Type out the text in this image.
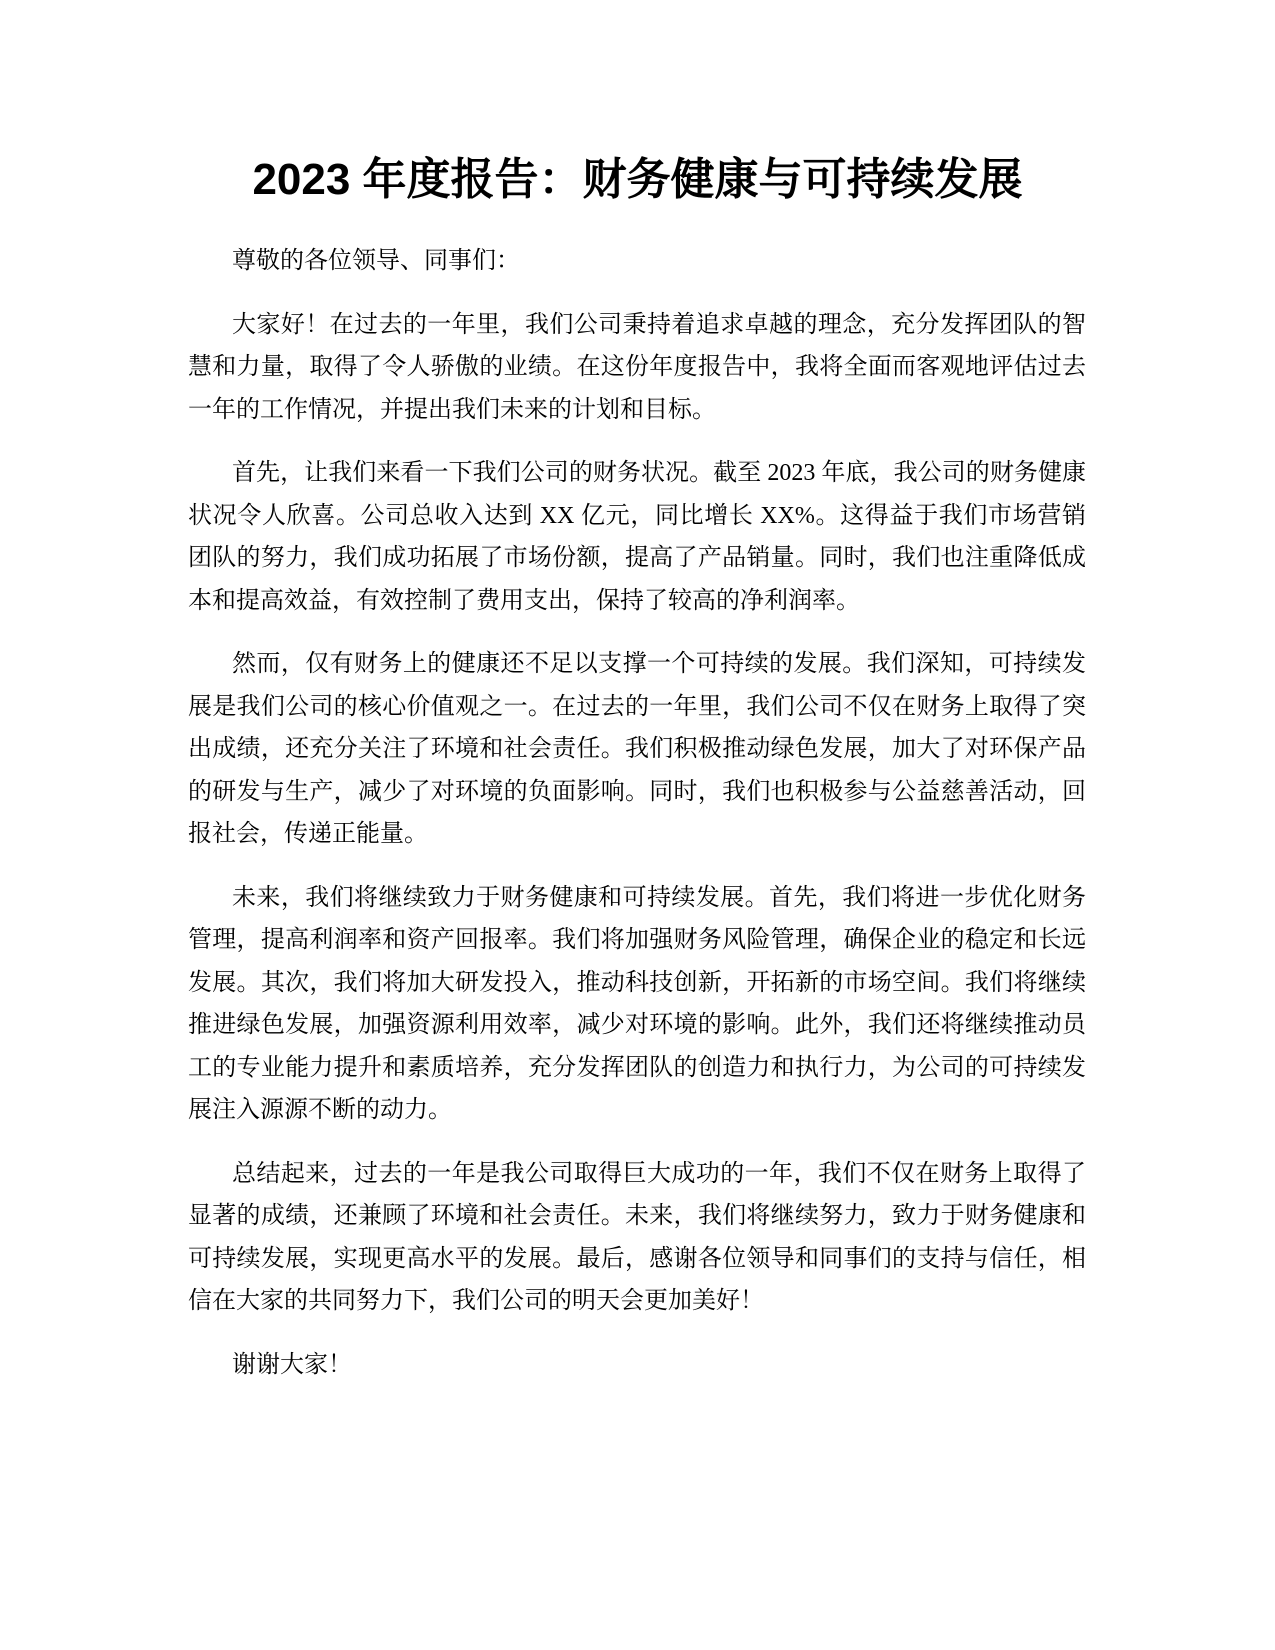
2023 年度报告：财务健康与可持续发展

尊敬的各位领导、同事们：

大家好！在过去的一年里，我们公司秉持着追求卓越的理念，充分发挥团队的智慧和力量，取得了令人骄傲的业绩。在这份年度报告中，我将全面而客观地评估过去一年的工作情况，并提出我们未来的计划和目标。

首先，让我们来看一下我们公司的财务状况。截至 2023 年底，我公司的财务健康状况令人欣喜。公司总收入达到 XX 亿元，同比增长 XX%。这得益于我们市场营销团队的努力，我们成功拓展了市场份额，提高了产品销量。同时，我们也注重降低成本和提高效益，有效控制了费用支出，保持了较高的净利润率。

然而，仅有财务上的健康还不足以支撑一个可持续的发展。我们深知，可持续发展是我们公司的核心价值观之一。在过去的一年里，我们公司不仅在财务上取得了突出成绩，还充分关注了环境和社会责任。我们积极推动绿色发展，加大了对环保产品的研发与生产，减少了对环境的负面影响。同时，我们也积极参与公益慈善活动，回报社会，传递正能量。

未来，我们将继续致力于财务健康和可持续发展。首先，我们将进一步优化财务管理，提高利润率和资产回报率。我们将加强财务风险管理，确保企业的稳定和长远发展。其次，我们将加大研发投入，推动科技创新，开拓新的市场空间。我们将继续推进绿色发展，加强资源利用效率，减少对环境的影响。此外，我们还将继续推动员工的专业能力提升和素质培养，充分发挥团队的创造力和执行力，为公司的可持续发展注入源源不断的动力。

总结起来，过去的一年是我公司取得巨大成功的一年，我们不仅在财务上取得了显著的成绩，还兼顾了环境和社会责任。未来，我们将继续努力，致力于财务健康和可持续发展，实现更高水平的发展。最后，感谢各位领导和同事们的支持与信任，相信在大家的共同努力下，我们公司的明天会更加美好！

谢谢大家！
